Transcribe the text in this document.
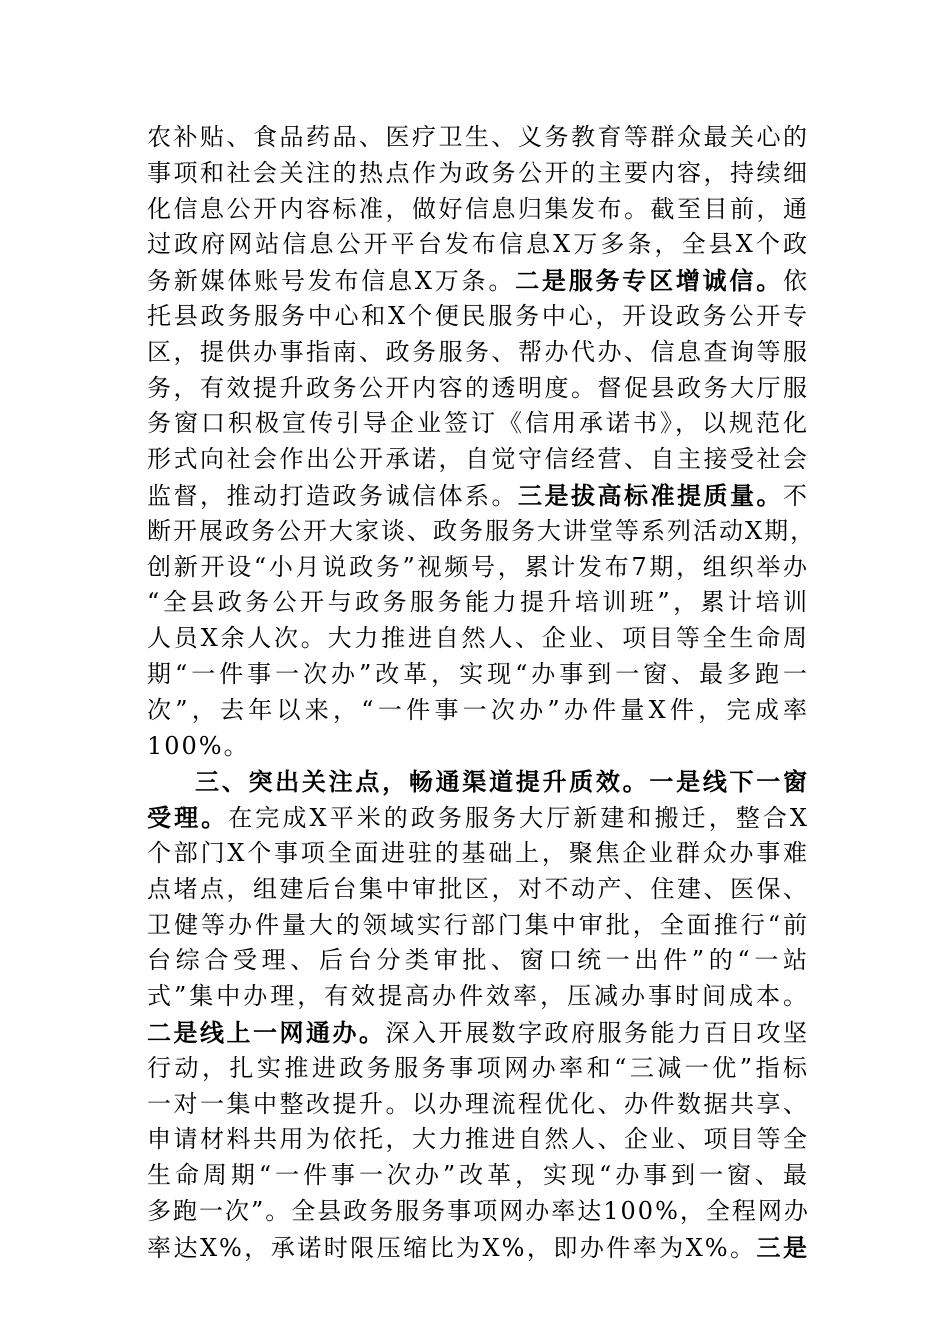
农补贴、食品药品、医疗卫生、义务教育等群众最关心的
事项和社会关注的热点作为政务公开的主要内容，持续细
化信息公开内容标准，做好信息归集发布。截至目前，通
过政府网站信息公开平台发布信息X万多条，全县X个政
务新媒体账号发布信息X万条。二是服务专区增诚信。依
托县政务服务中心和X个便民服务中心，开设政务公开专
区，提供办事指南、政务服务、帮办代办、信息查询等服
务，有效提升政务公开内容的透明度。督促县政务大厅服
务窗口积极宣传引导企业签订《信用承诺书》，以规范化
形式向社会作出公开承诺，自觉守信经营、自主接受社会
监督，推动打造政务诚信体系。三是拔高标准提质量。不
断开展政务公开大家谈、政务服务大讲堂等系列活动X期，
创新开设“小月说政务”视频号，累计发布7期，组织举办
“全县政务公开与政务服务能力提升培训班”，累计培训
人员X余人次。大力推进自然人、企业、项目等全生命周
期“一件事一次办”改革，实现“办事到一窗、最多跑一
次”，去年以来，“一件事一次办”办件量X件，完成率
100%。
三、突出关注点，畅通渠道提升质效。一是线下一窗
受理。在完成X平米的政务服务大厅新建和搬迁，整合X
个部门X个事项全面进驻的基础上，聚焦企业群众办事难
点堵点，组建后台集中审批区，对不动产、住建、医保、
卫健等办件量大的领域实行部门集中审批，全面推行“前
台综合受理、后台分类审批、窗口统一出件”的“一站
式”集中办理，有效提高办件效率，压减办事时间成本。
二是线上一网通办。深入开展数字政府服务能力百日攻坚
行动，扎实推进政务服务事项网办率和“三减一优”指标
一对一集中整改提升。以办理流程优化、办件数据共享、
申请材料共用为依托，大力推进自然人、企业、项目等全
生命周期“一件事一次办”改革，实现“办事到一窗、最
多跑一次”。全县政务服务事项网办率达100%，全程网办
率达X%，承诺时限压缩比为X%，即办件率为X%。三是
